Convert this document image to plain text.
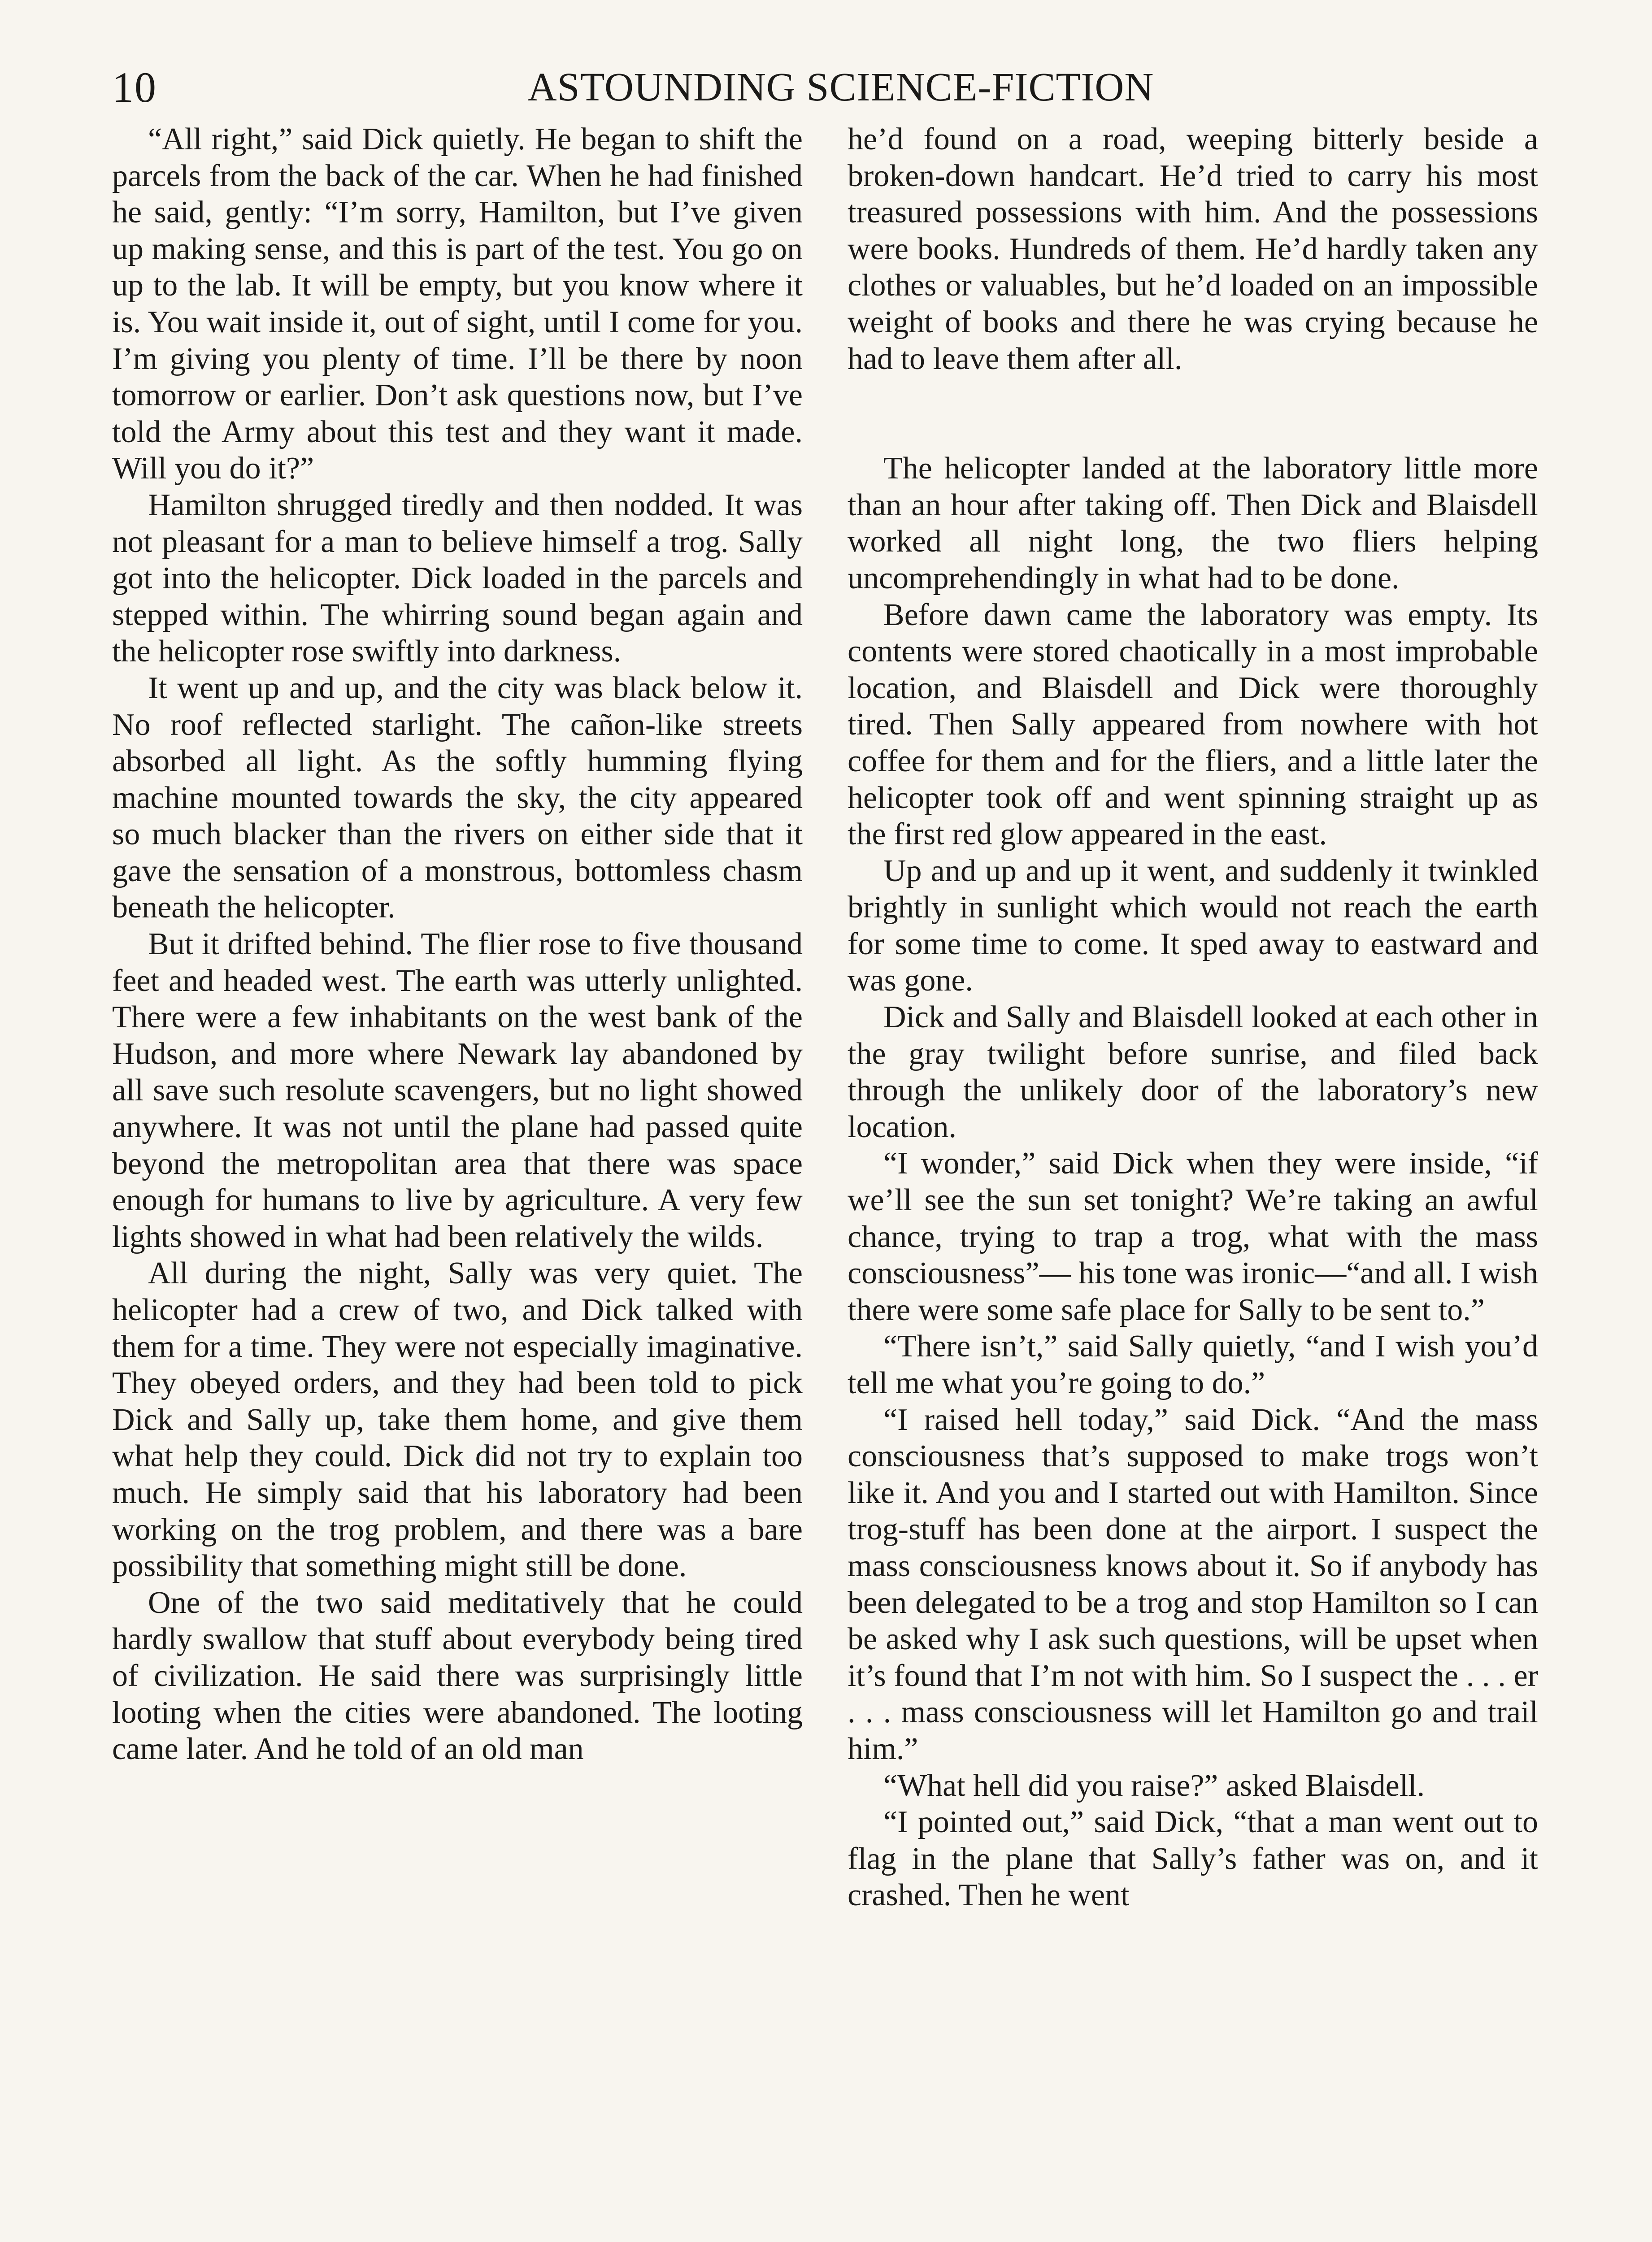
10	ASTOUNDING SCIENCE-FICTION

“All right,” said Dick quietly. He began to shift the parcels from the back of the car. When he had finished he said, gently: “I’m sorry, Hamilton, but I’ve given up making sense, and this is part of the test. You go on up to the lab. It will be empty, but you know where it is. You wait inside it, out of sight, until I come for you. I’m giving you plenty of time. I’ll be there by noon tomorrow or earlier. Don’t ask questions now, but I’ve told the Army about this test and they want it made. Will you do it?”

Hamilton shrugged tiredly and then nodded. It was not pleasant for a man to believe himself a trog. Sally got into the helicopter. Dick loaded in the parcels and stepped within. The whirring sound began again and the helicopter rose swiftly into darkness.

It went up and up, and the city was black below it. No roof reflected starlight. The cañon-like streets absorbed all light. As the softly humming flying machine mounted towards the sky, the city appeared so much blacker than the rivers on either side that it gave the sensation of a monstrous, bottomless chasm beneath the helicopter.

But it drifted behind. The flier rose to five thousand feet and headed west. The earth was utterly unlighted. There were a few inhabitants on the west bank of the Hudson, and more where Newark lay abandoned by all save such resolute scavengers, but no light showed anywhere. It was not until the plane had passed quite beyond the metropolitan area that there was space enough for humans to live by agriculture. A very few lights showed in what had been relatively the wilds.

All during the night, Sally was very quiet. The helicopter had a crew of two, and Dick talked with them for a time. They were not especially imaginative. They obeyed orders, and they had been told to pick Dick and Sally up, take them home, and give them what help they could. Dick did not try to explain too much. He simply said that his laboratory had been working on the trog problem, and there was a bare possibility that something might still be done.

One of the two said meditatively that he could hardly swallow that stuff about everybody being tired of civilization. He said there was surprisingly little looting when the cities were abandoned. The looting came later. And he told of an old man

he’d found on a road, weeping bitterly beside a broken-down handcart. He’d tried to carry his most treasured possessions with him. And the possessions were books. Hundreds of them. He’d hardly taken any clothes or valuables, but he’d loaded on an impossible weight of books and there he was crying because he had to leave them after all.

The helicopter landed at the laboratory little more than an hour after taking off. Then Dick and Blaisdell worked all night long, the two fliers helping uncomprehendingly in what had to be done.

Before dawn came the laboratory was empty. Its contents were stored chaotically in a most improbable location, and Blaisdell and Dick were thoroughly tired. Then Sally appeared from nowhere with hot coffee for them and for the fliers, and a little later the helicopter took off and went spinning straight up as the first red glow appeared in the east.

Up and up and up it went, and suddenly it twinkled brightly in sunlight which would not reach the earth for some time to come. It sped away to eastward and was gone.

Dick and Sally and Blaisdell looked at each other in the gray twilight before sunrise, and filed back through the unlikely door of the laboratory’s new location.

“I wonder,” said Dick when they were inside, “if we’ll see the sun set tonight? We’re taking an awful chance, trying to trap a trog, what with the mass consciousness”— his tone was ironic—“and all. I wish there were some safe place for Sally to be sent to.”

“There isn’t,” said Sally quietly, “and I wish you’d tell me what you’re going to do.”

“I raised hell today,” said Dick. “And the mass consciousness that’s supposed to make trogs won’t like it. And you and I started out with Hamilton. Since trog-stuff has been done at the airport. I suspect the mass consciousness knows about it. So if anybody has been delegated to be a trog and stop Hamilton so I can be asked why I ask such questions, will be upset when it’s found that I’m not with him. So I suspect the . . . er . . . mass consciousness will let Hamilton go and trail him.”

“What hell did you raise?” asked Blaisdell.

“I pointed out,” said Dick, “that a man went out to flag in the plane that Sally’s father was on, and it crashed. Then he went
